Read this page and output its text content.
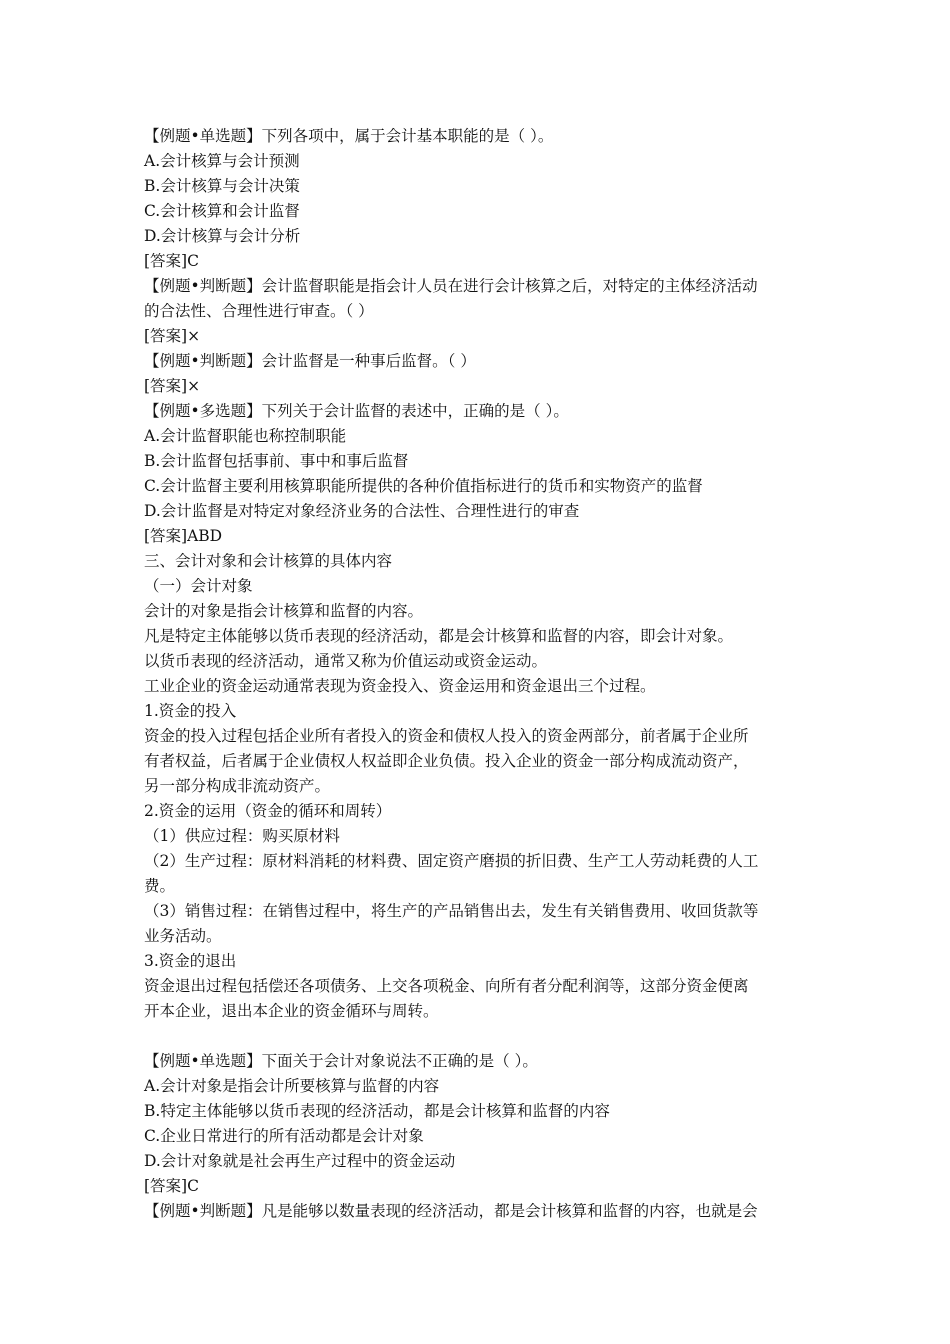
【例题•单选题】下列各项中，属于会计基本职能的是（ ）。

A.会计核算与会计预测

B.会计核算与会计决策

C.会计核算和会计监督

D.会计核算与会计分析

[答案]C

【例题•判断题】会计监督职能是指会计人员在进行会计核算之后，对特定的主体经济活动

的合法性、合理性进行审查。（ ）

[答案]×

【例题•判断题】会计监督是一种事后监督。（ ）

[答案]×

【例题•多选题】下列关于会计监督的表述中，正确的是（ ）。

A.会计监督职能也称控制职能

B.会计监督包括事前、事中和事后监督

C.会计监督主要利用核算职能所提供的各种价值指标进行的货币和实物资产的监督

D.会计监督是对特定对象经济业务的合法性、合理性进行的审查

[答案]ABD

三、会计对象和会计核算的具体内容

（一）会计对象

会计的对象是指会计核算和监督的内容。

凡是特定主体能够以货币表现的经济活动，都是会计核算和监督的内容，即会计对象。

以货币表现的经济活动，通常又称为价值运动或资金运动。

工业企业的资金运动通常表现为资金投入、资金运用和资金退出三个过程。

1.资金的投入

资金的投入过程包括企业所有者投入的资金和债权人投入的资金两部分，前者属于企业所

有者权益，后者属于企业债权人权益即企业负债。投入企业的资金一部分构成流动资产，

另一部分构成非流动资产。

2.资金的运用（资金的循环和周转）

（1）供应过程：购买原材料

（2）生产过程：原材料消耗的材料费、固定资产磨损的折旧费、生产工人劳动耗费的人工

费。

（3）销售过程：在销售过程中，将生产的产品销售出去，发生有关销售费用、收回货款等

业务活动。

3.资金的退出

资金退出过程包括偿还各项债务、上交各项税金、向所有者分配利润等，这部分资金便离

开本企业，退出本企业的资金循环与周转。

【例题•单选题】下面关于会计对象说法不正确的是（ ）。

A.会计对象是指会计所要核算与监督的内容

B.特定主体能够以货币表现的经济活动，都是会计核算和监督的内容

C.企业日常进行的所有活动都是会计对象

D.会计对象就是社会再生产过程中的资金运动

[答案]C

【例题•判断题】凡是能够以数量表现的经济活动，都是会计核算和监督的内容，也就是会
